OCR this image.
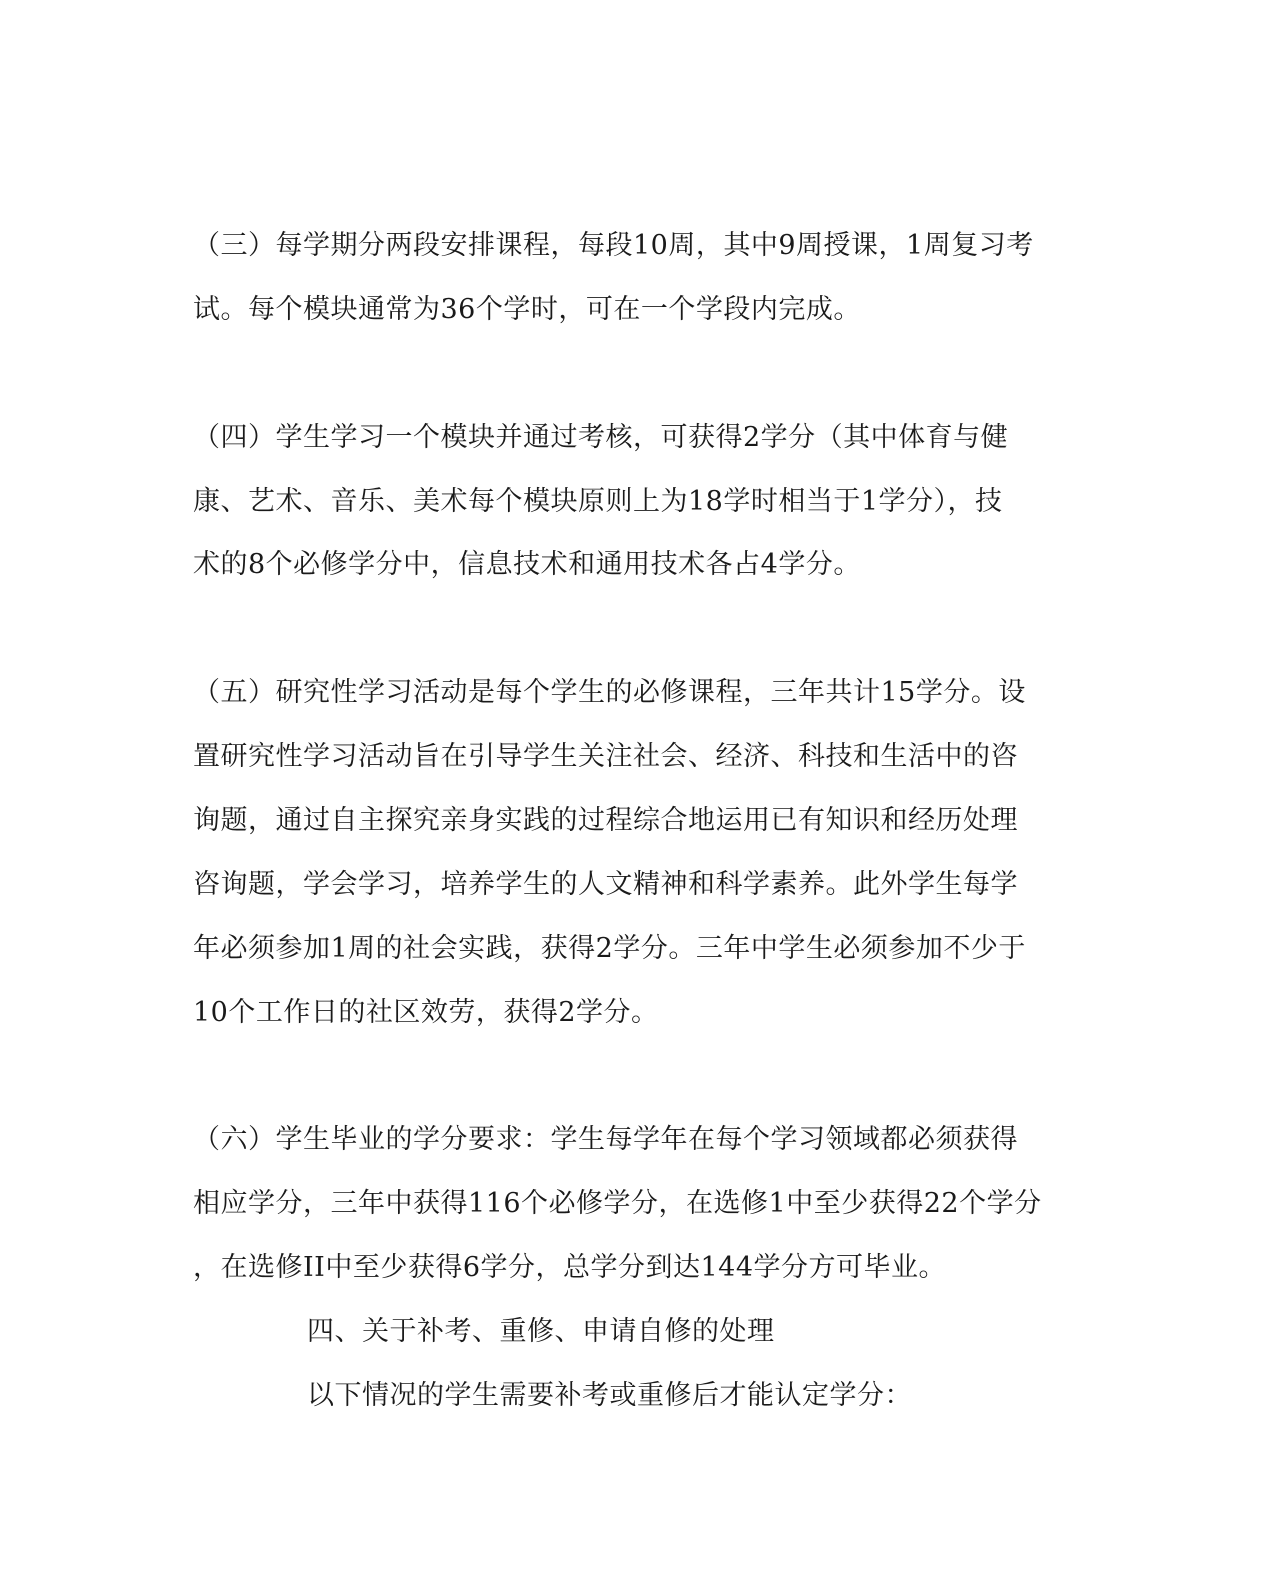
（三）每学期分两段安排课程，每段10周，其中9周授课，1周复习考
试。每个模块通常为36个学时，可在一个学段内完成。
（四）学生学习一个模块并通过考核，可获得2学分（其中体育与健
康、艺术、音乐、美术每个模块原则上为18学时相当于1学分），技
术的8个必修学分中，信息技术和通用技术各占4学分。
（五）研究性学习活动是每个学生的必修课程，三年共计15学分。设
置研究性学习活动旨在引导学生关注社会、经济、科技和生活中的咨
询题，通过自主探究亲身实践的过程综合地运用已有知识和经历处理
咨询题，学会学习，培养学生的人文精神和科学素养。此外学生每学
年必须参加1周的社会实践，获得2学分。三年中学生必须参加不少于
10个工作日的社区效劳，获得2学分。
（六）学生毕业的学分要求：学生每学年在每个学习领域都必须获得
相应学分，三年中获得116个必修学分，在选修1中至少获得22个学分
，在选修II中至少获得6学分，总学分到达144学分方可毕业。
四、关于补考、重修、申请自修的处理
以下情况的学生需要补考或重修后才能认定学分：
